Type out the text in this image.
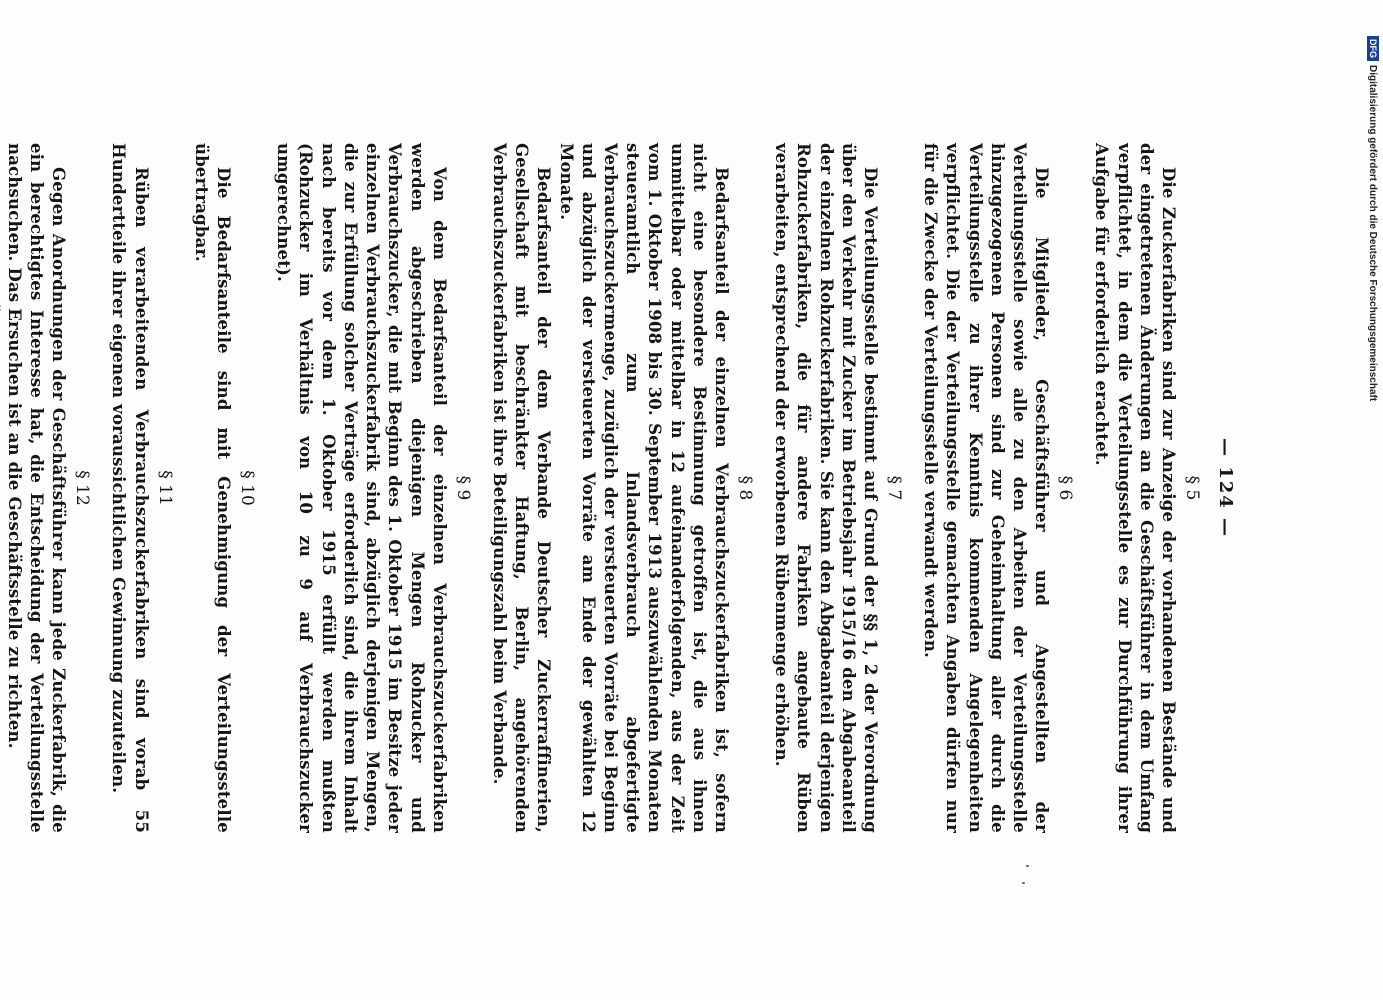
— 124 —
§ 5

Die Zuckerfabriken sind zur Anzeige der vorhandenen Bestände und der eingetretenen Änderungen an die Geschäftsführer in dem Umfang verpflichtet, in dem die Verteilungsstelle es zur Durchführung ihrer Aufgabe für erforderlich erachtet.

§ 6

Die Mitglieder, Geschäftsführer und Angestellten der Verteilungsstelle sowie alle zu den Arbeiten der Verteilungsstelle hinzugezogenen Personen sind zur Geheimhaltung aller durch die Verteilungsstelle zu ihrer Kenntnis kommenden Angelegenheiten verpflichtet. Die der Verteilungsstelle gemachten Angaben dürfen nur für die Zwecke der Verteilungsstelle verwandt werden.

§ 7

Die Verteilungsstelle bestimmt auf Grund der §§ 1, 2 der Verordnung über den Verkehr mit Zucker im Betriebsjahr 1915/16 den Abgabeanteil der einzelnen Rohzuckerfabriken. Sie kann den Abgabeanteil derjenigen Rohzuckerfabriken, die für andere Fabriken angebaute Rüben verarbeiten, entsprechend der erworbenen Rübenmenge erhöhen.

§ 8

Bedarfsanteil der einzelnen Verbrauchszuckerfabriken ist, sofern nicht eine besondere Bestimmung getroffen ist, die aus ihnen unmittelbar oder mittelbar in 12 aufeinanderfolgenden, aus der Zeit vom 1. Oktober 1908 bis 30. September 1913 auszuwählenden Monaten steueramtlich zum Inlandsverbrauch abgefertigte Verbrauchszuckermenge, zuzüglich der versteuerten Vorräte bei Beginn und abzüglich der versteuerten Vorräte am Ende der gewählten 12 Monate.

Bedarfsanteil der dem Verbande Deutscher Zuckerraffinerien, Gesellschaft mit beschränkter Haftung, Berlin, angehörenden Verbrauchszuckerfabriken ist ihre Beteiligungszahl beim Verbande.

§ 9

Von dem Bedarfsanteil der einzelnen Verbrauchszuckerfabriken werden abgeschrieben diejenigen Mengen Rohzucker und Verbrauchszucker, die mit Beginn des 1. Oktober 1915 im Besitze jeder einzelnen Verbrauchszuckerfabrik sind, abzüglich derjenigen Mengen, die zur Erfüllung solcher Verträge erforderlich sind, die ihrem Inhalt nach bereits vor dem 1. Oktober 1915 erfüllt werden mußten (Rohzucker im Verhältnis von 10 zu 9 auf Verbrauchszucker umgerechnet).

§ 10

Die Bedarfsanteile sind mit Genehmigung der Verteilungsstelle übertragbar.

§ 11

Rüben verarbeitenden Verbrauchszuckerfabriken sind vorab 55 Hundertteile ihrer eigenen voraussichtlichen Gewinnung zuzuteilen.

§ 12

Gegen Anordnungen der Geschäftsführer kann jede Zuckerfabrik, die ein berechtigtes Interesse hat, die Entscheidung der Verteilungsstelle nachsuchen. Das Ersuchen ist an die Geschäftsstelle zu richten.

DFGDigitalisierung gefördert durch die Deutsche Forschungsgemeinschaft
